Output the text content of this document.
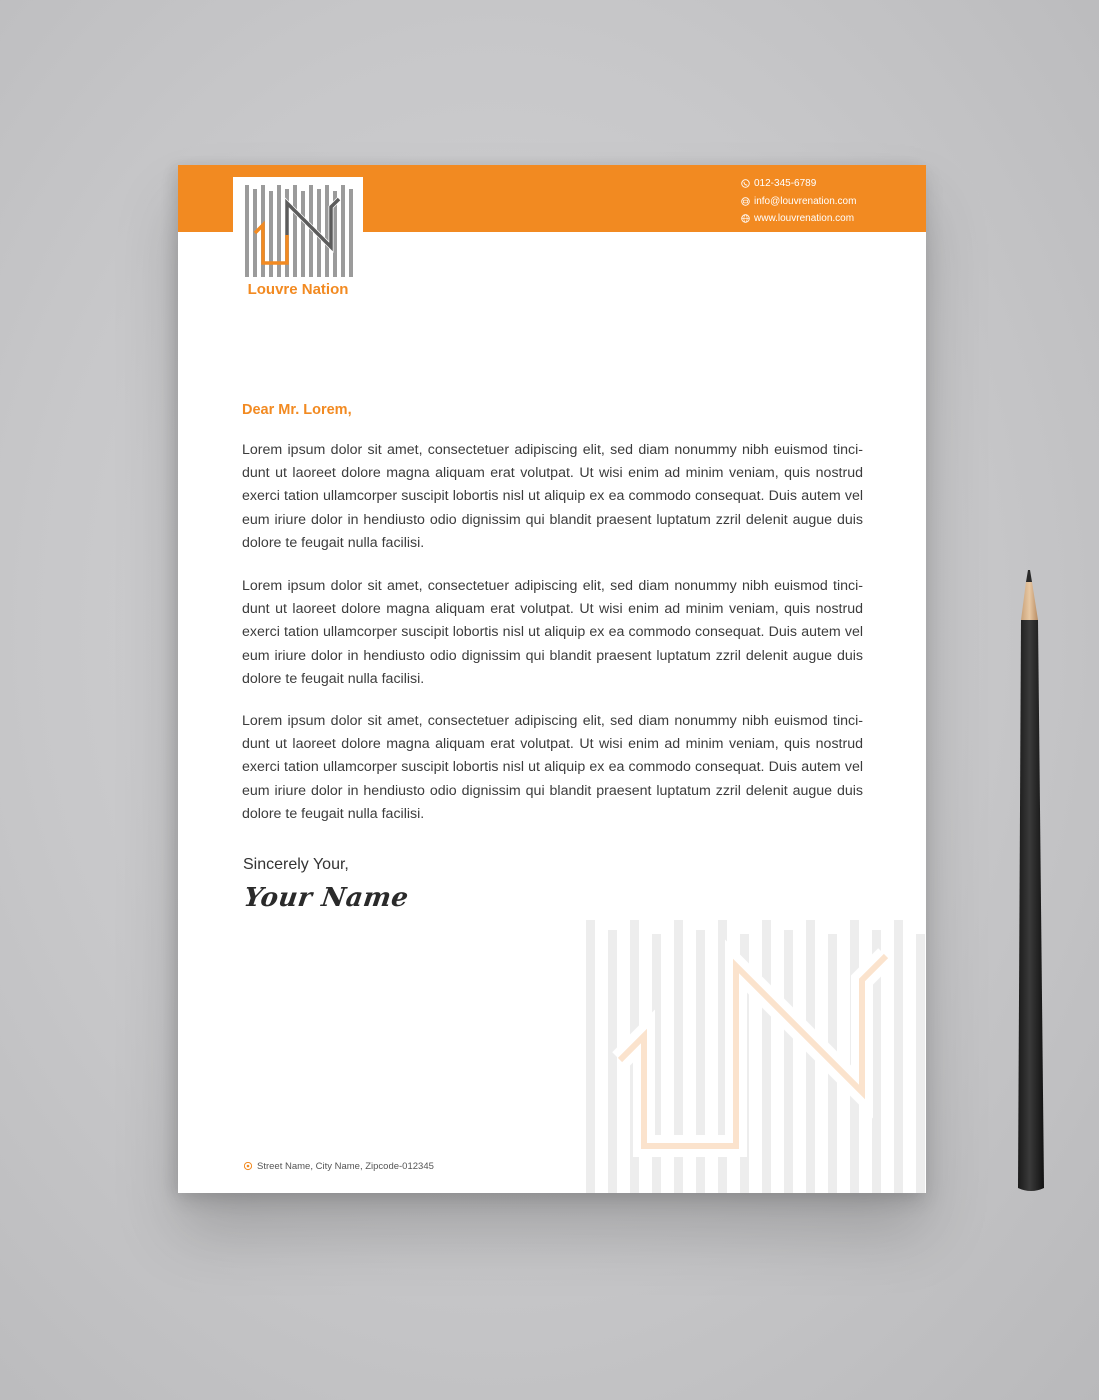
012-345-6789
info@louvrenation.com
www.louvrenation.com
Louvre Nation
Dear Mr. Lorem,

Lorem ipsum dolor sit amet, consectetuer adipiscing elit, sed diam nonummy nibh euismod tinci-dunt ut laoreet dolore magna aliquam erat volutpat. Ut wisi enim ad minim veniam, quis nostrud exerci tation ullamcorper suscipit lobortis nisl ut aliquip ex ea commodo consequat. Duis autem vel eum iriure dolor in hendiusto odio dignissim qui blandit praesent luptatum zzril delenit augue duis dolore te feugait nulla facilisi.

Lorem ipsum dolor sit amet, consectetuer adipiscing elit, sed diam nonummy nibh euismod tinci-dunt ut laoreet dolore magna aliquam erat volutpat. Ut wisi enim ad minim veniam, quis nostrud exerci tation ullamcorper suscipit lobortis nisl ut aliquip ex ea commodo consequat. Duis autem vel eum iriure dolor in hendiusto odio dignissim qui blandit praesent luptatum zzril delenit augue duis dolore te feugait nulla facilisi.

Lorem ipsum dolor sit amet, consectetuer adipiscing elit, sed diam nonummy nibh euismod tinci-dunt ut laoreet dolore magna aliquam erat volutpat. Ut wisi enim ad minim veniam, quis nostrud exerci tation ullamcorper suscipit lobortis nisl ut aliquip ex ea commodo consequat. Duis autem vel eum iriure dolor in hendiusto odio dignissim qui blandit praesent luptatum zzril delenit augue duis dolore te feugait nulla facilisi.

Sincerely Your,
Your Name
Street Name, City Name, Zipcode-012345
